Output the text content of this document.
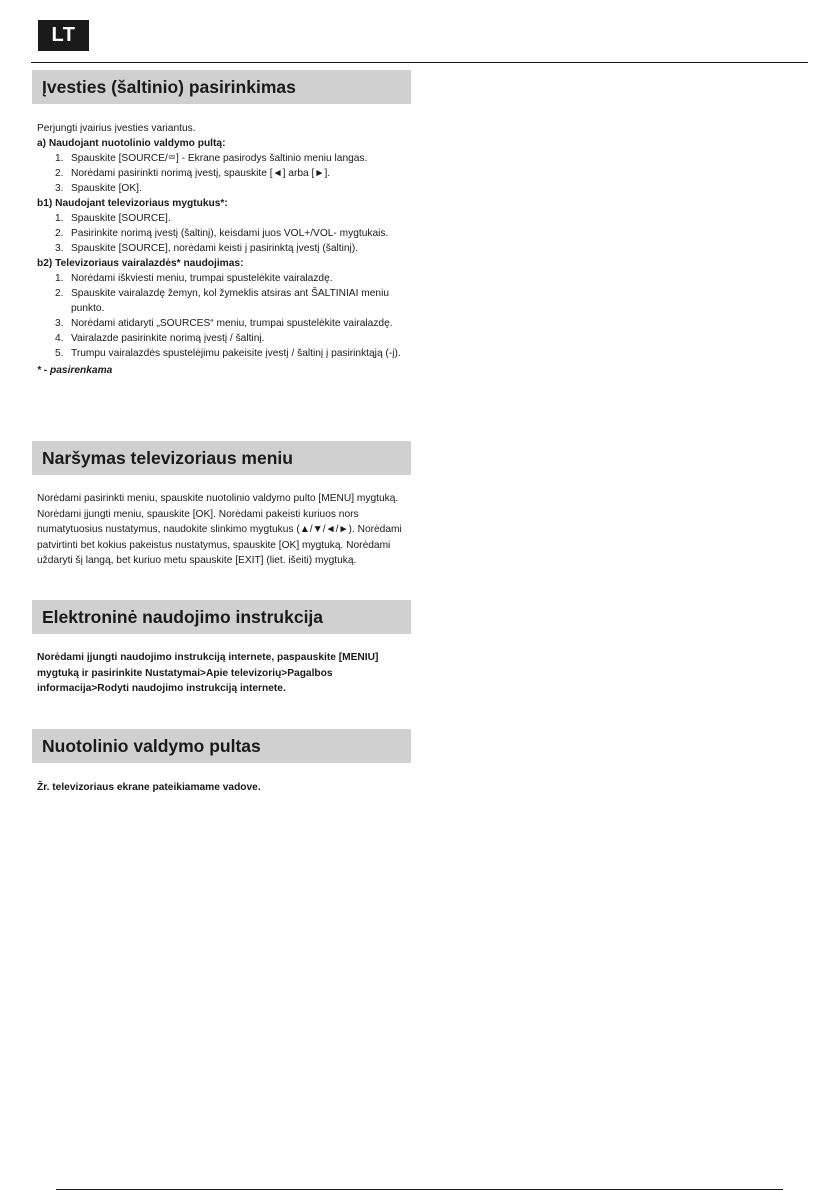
LT
Įvesties (šaltinio) pasirinkimas

Perjungti įvairius įvesties variantus.

a) Naudojant nuotolinio valdymo pultą:

1. Spauskite [SOURCE/⮹] - Ekrane pasirodys šaltinio meniu langas.
2. Norėdami pasirinkti norimą įvestį, spauskite [◄] arba [►].
3. Spauskite [OK].

b1) Naudojant televizoriaus mygtukus*:

1. Spauskite [SOURCE].
2. Pasirinkite norimą įvestį (šaltinį), keisdami juos VOL+/VOL- mygtukais.
3. Spauskite [SOURCE], norėdami keisti į pasirinktą įvestį (šaltinį).

b2) Televizoriaus vairalazdės* naudojimas:

1. Norėdami iškviesti meniu, trumpai spustelėkite vairalazdę.
2. Spauskite vairalazdę žemyn, kol žymeklis atsiras ant ŠALTINIAI meniu punkto.
3. Norėdami atidaryti „SOURCES“ meniu, trumpai spustelėkite vairalazdę.
4. Vairalazde pasirinkite norimą įvestį / šaltinį.
5. Trumpu vairalazdės spustelėjimu pakeisite įvestį / šaltinį į pasirinktąją (-į).

* - pasirenkama

Naršymas televizoriaus meniu

Norėdami pasirinkti meniu, spauskite nuotolinio valdymo pulto [MENU] mygtuką. Norėdami įjungti meniu, spauskite [OK]. Norėdami pakeisti kuriuos nors numatytuosius nustatymus, naudokite slinkimo mygtukus (▲/▼/◄/►). Norėdami patvirtinti bet kokius pakeistus nustatymus, spauskite [OK] mygtuką. Norėdami uždaryti šį langą, bet kuriuo metu spauskite [EXIT] (liet. išeiti) mygtuką.

Elektroninė naudojimo instrukcija

Norėdami įjungti naudojimo instrukciją internete, paspauskite [MENIU] mygtuką ir pasirinkite Nustatymai>Apie televizorių>Pagalbos informacija>Rodyti naudojimo instrukciją internete.

Nuotolinio valdymo pultas

Žr. televizoriaus ekrane pateikiamame vadove.
